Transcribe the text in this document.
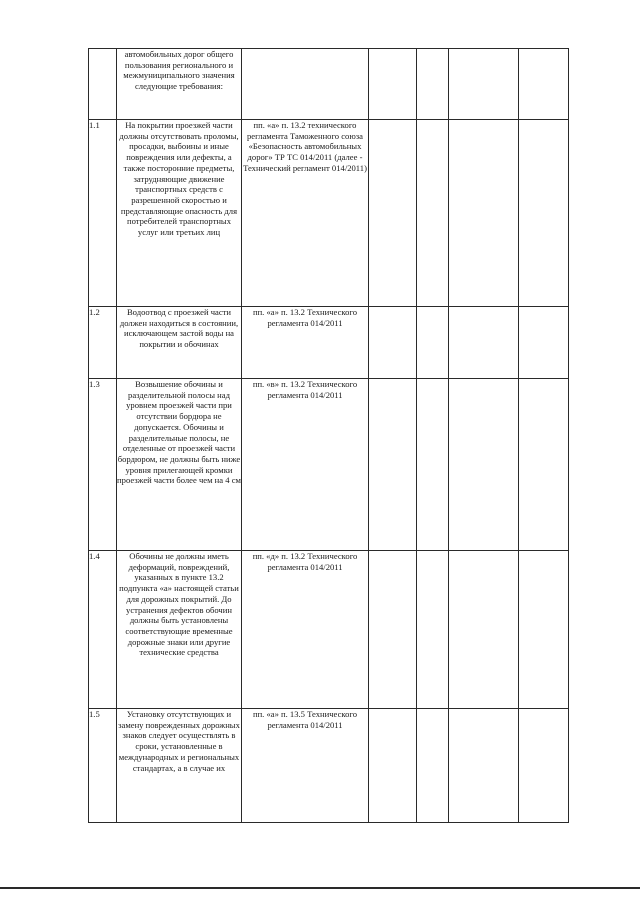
	автомобильных дорог общего пользования регионального и межмуниципального значения следующие требования:					
1.1	На покрытии проезжей части должны отсутствовать проломы, просадки, выбоины и иные повреждения или дефекты, а также посторонние предметы, затрудняющие движение транспортных средств с разрешенной скоростью и представляющие опасность для потребителей транспортных услуг или третьих лиц	пп. «а» п. 13.2 технического регламента Таможенного союза «Безопасность автомобильных дорог» ТР ТС 014/2011 (далее - Технический регламент 014/2011)				
1.2	Водоотвод с проезжей части должен находиться в состоянии, исключающем застой воды на покрытии и обочинах	пп. «а» п. 13.2 Технического регламента 014/2011				
1.3	Возвышение обочины и разделительной полосы над уровнем проезжей части при отсутствии бордюра не допускается. Обочины и разделительные полосы, не отделенные от проезжей части бордюром, не должны быть ниже уровня прилегающей кромки проезжей части более чем на 4 см	пп. «в» п. 13.2 Технического регламента 014/2011				
1.4	Обочины не должны иметь деформаций, повреждений, указанных в пункте 13.2 подпункта «а» настоящей статьи для дорожных покрытий. До устранения дефектов обочин должны быть установлены соответствующие временные дорожные знаки или другие технические средства	пп. «д» п. 13.2 Технического регламента 014/2011				
1.5	Установку отсутствующих и замену поврежденных дорожных знаков следует осуществлять в сроки, установленные в международных и региональных стандартах, а в случае их	пп. «а» п. 13.5 Технического регламента 014/2011				
